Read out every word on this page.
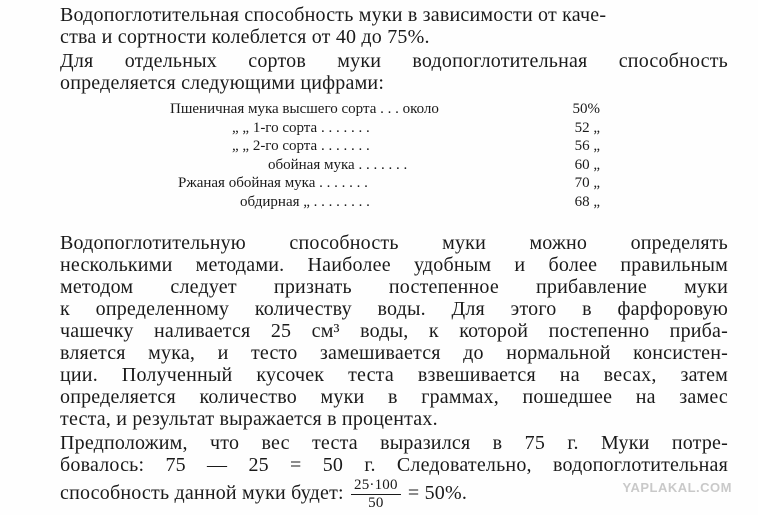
Водопоглотительная способность муки в зависимости от каче-
ства и сортности колеблется от 40 до 75%.
Для отдельных сортов муки водопоглотительная способность
определяется следующими цифрами:
Пшеничная мука высшего сорта . . . около	50%
„ „ 1-го сорта . . . . . . .	52 „
„ „ 2-го сорта . . . . . . .	56 „
обойная мука . . . . . . .	60 „
Ржаная обойная мука . . . . . . .	70 „
обдирная „ . . . . . . . .	68 „
Водопоглотительную способность муки можно определять
несколькими методами. Наиболее удобным и более правильным
методом следует признать постепенное прибавление муки
к определенному количеству воды. Для этого в фарфоровую
чашечку наливается 25 см³ воды, к которой постепенно приба-
вляется мука, и тесто замешивается до нормальной консистен-
ции. Полученный кусочек теста взвешивается на весах, затем
определяется количество муки в граммах, пошедшее на замес
теста, и результат выражается в процентах.
Предположим, что вес теста выразился в 75 г. Муки потре-
бовалось: 75 — 25 = 50 г. Следовательно, водопоглотительная
способность данной муки будет: $\frac{25\cdot 100}{50} = 50\%$.	YAPLAKAL.COM
